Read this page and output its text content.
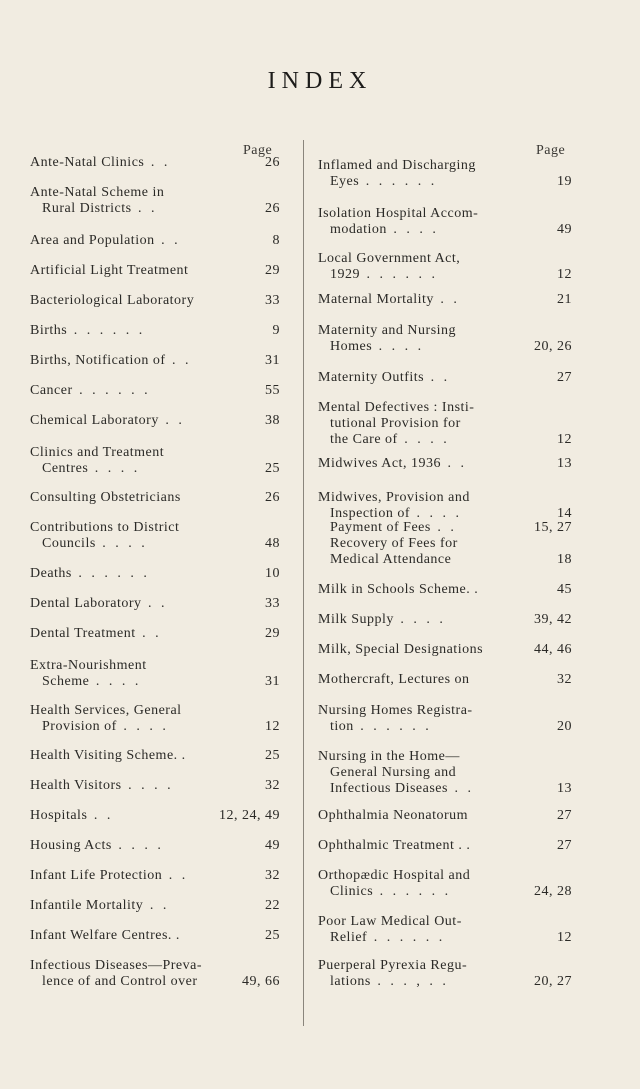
INDEX
Page	Page
Ante-Natal Clinics . .	26
Ante-Natal Scheme in
Rural Districts . .	26
Area and Population . .	8
Artificial Light Treatment	29
Bacteriological Laboratory	33
Births . . . . . .	9
Births, Notification of . .	31
Cancer . . . . . .	55
Chemical Laboratory . .	38
Clinics and Treatment
Centres . . . .	25
Consulting Obstetricians	26
Contributions to District
Councils . . . .	48
Deaths . . . . . .	10
Dental Laboratory . .	33
Dental Treatment . .	29
Extra-Nourishment
Scheme . . . .	31
Health Services, General
Provision of . . . .	12
Health Visiting Scheme. .	25
Health Visitors . . . .	32
Hospitals . .	12, 24, 49
Housing Acts . . . .	49
Infant Life Protection . .	32
Infantile Mortality . .	22
Infant Welfare Centres. .	25
Infectious Diseases—Preva-
lence of and Control over	49, 66
Inflamed and Discharging
Eyes . . . . . .	19
Isolation Hospital Accom-
modation . . . .	49
Local Government Act,
1929 . . . . . .	12
Maternal Mortality . .	21
Maternity and Nursing
Homes . . . .	20, 26
Maternity Outfits . .	27
Mental Defectives : Insti-
tutional Provision for
the Care of . . . .	12
Midwives Act, 1936 . .	13
Midwives, Provision and
Inspection of . . . .	14
Payment of Fees . .	15, 27
Recovery of Fees for
Medical Attendance	18
Milk in Schools Scheme. .	45
Milk Supply . . . .	39, 42
Milk, Special Designations	44, 46
Mothercraft, Lectures on	32
Nursing Homes Registra-
tion . . . . . .	20
Nursing in the Home—
General Nursing and
Infectious Diseases . .	13
Ophthalmia Neonatorum	27
Ophthalmic Treatment . .	27
Orthopædic Hospital and
Clinics . . . . . .	24, 28
Poor Law Medical Out-
Relief . . . . . .	12
Puerperal Pyrexia Regu-
lations . . . , . .	20, 27
